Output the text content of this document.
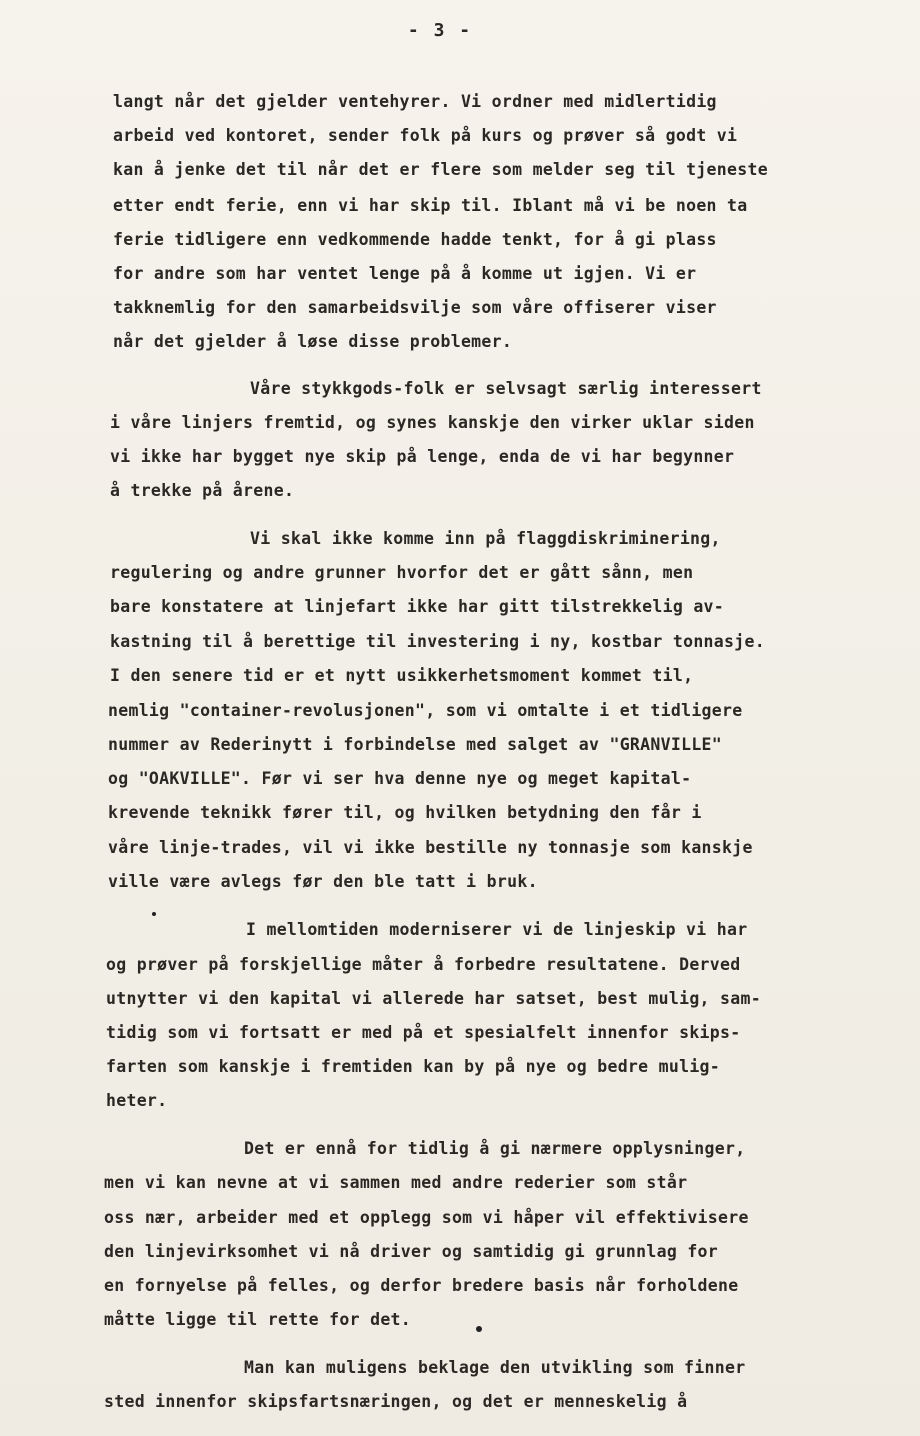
- 3 -
langt når det gjelder ventehyrer. Vi ordner med midlertidig
arbeid ved kontoret, sender folk på kurs og prøver så godt vi
kan å jenke det til når det er flere som melder seg til tjeneste
etter endt ferie, enn vi har skip til. Iblant må vi be noen ta
ferie tidligere enn vedkommende hadde tenkt, for å gi plass
for andre som har ventet lenge på å komme ut igjen. Vi er
takknemlig for den samarbeidsvilje som våre offiserer viser
når det gjelder å løse disse problemer.
Våre stykkgods-folk er selvsagt særlig interessert
i våre linjers fremtid, og synes kanskje den virker uklar siden
vi ikke har bygget nye skip på lenge, enda de vi har begynner
å trekke på årene.
Vi skal ikke komme inn på flaggdiskriminering,
regulering og andre grunner hvorfor det er gått sånn, men
bare konstatere at linjefart ikke har gitt tilstrekkelig av-
kastning til å berettige til investering i ny, kostbar tonnasje.
I den senere tid er et nytt usikkerhetsmoment kommet til,
nemlig "container-revolusjonen", som vi omtalte i et tidligere
nummer av Rederinytt i forbindelse med salget av "GRANVILLE"
og "OAKVILLE". Før vi ser hva denne nye og meget kapital-
krevende teknikk fører til, og hvilken betydning den får i
våre linje-trades, vil vi ikke bestille ny tonnasje som kanskje
ville være avlegs før den ble tatt i bruk.
I mellomtiden moderniserer vi de linjeskip vi har
og prøver på forskjellige måter å forbedre resultatene. Derved
utnytter vi den kapital vi allerede har satset, best mulig, sam-
tidig som vi fortsatt er med på et spesialfelt innenfor skips-
farten som kanskje i fremtiden kan by på nye og bedre mulig-
heter.
Det er ennå for tidlig å gi nærmere opplysninger,
men vi kan nevne at vi sammen med andre rederier som står
oss nær, arbeider med et opplegg som vi håper vil effektivisere
den linjevirksomhet vi nå driver og samtidig gi grunnlag for
en fornyelse på felles, og derfor bredere basis når forholdene
måtte ligge til rette for det.
Man kan muligens beklage den utvikling som finner
sted innenfor skipsfartsnæringen, og det er menneskelig å
